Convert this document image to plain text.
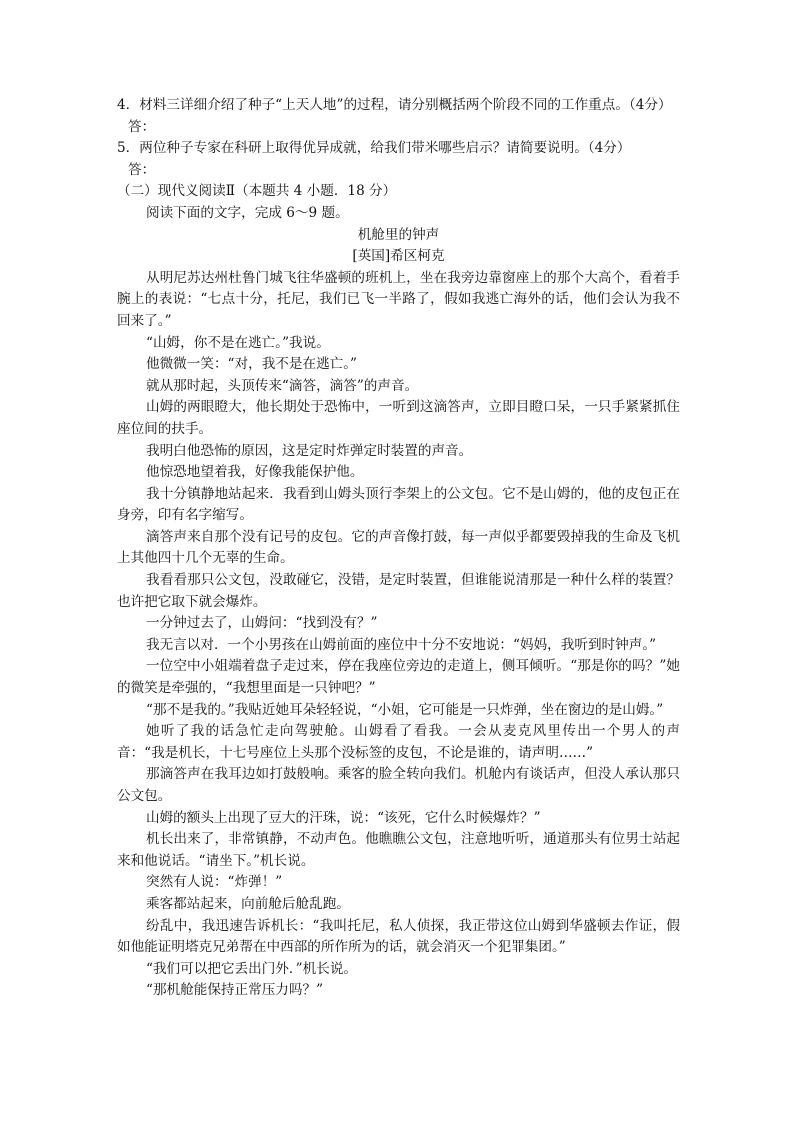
4．材料三详细介绍了种子“上天人地”的过程，请分别概括两个阶段不同的工作重点。（4分）
答：
5．两位种子专家在科研上取得优异成就，给我们带米哪些启示？请简要说明。（4分）
答：
（二）现代义阅读Ⅱ（本题共 4 小题．18 分）
阅读下面的文字，完成 6～9 题。
机舱里的钟声
[英国]希区柯克
从明尼苏达州杜鲁门城飞往华盛顿的班机上，坐在我旁边靠窗座上的那个大高个，看着手腕上的表说：“七点十分，托尼，我们已飞一半路了，假如我逃亡海外的话，他们会认为我不回来了。”
“山姆，你不是在逃亡。”我说。
他微微一笑：“对，我不是在逃亡。”
就从那时起，头顶传来“滴答，滴答”的声音。
山姆的两眼瞪大，他长期处于恐怖中，一听到这滴答声，立即目瞪口呆，一只手紧紧抓住座位间的扶手。
我明白他恐怖的原因，这是定时炸弹定时装置的声音。
他惊恐地望着我，好像我能保护他。
我十分镇静地站起来．我看到山姆头顶行李架上的公文包。它不是山姆的，他的皮包正在身旁，印有名字缩写。
滴答声来自那个没有记号的皮包。它的声音像打鼓，每一声似乎都要毁掉我的生命及飞机上其他四十几个无辜的生命。
我看看那只公文包，没敢碰它，没错，是定时装置，但谁能说清那是一种什么样的装置？也许把它取下就会爆炸。
一分钟过去了，山姆问：“找到没有？”
我无言以对．一个小男孩在山姆前面的座位中十分不安地说：“妈妈，我听到时钟声。”
一位空中小姐端着盘子走过来，停在我座位旁边的走道上，侧耳倾听。“那是你的吗？”她的微笑是牵强的，“我想里面是一只钟吧？”
“那不是我的。”我贴近她耳朵轻轻说，“小姐，它可能是一只炸弹，坐在窗边的是山姆。”
她听了我的话急忙走向驾驶舱。山姆看了看我。一会从麦克风里传出一个男人的声音：“我是机长，十七号座位上头那个没标签的皮包，不论是谁的，请声明……”
那滴答声在我耳边如打鼓般响。乘客的脸全转向我们。机舱内有谈话声，但没人承认那只公文包。
山姆的额头上出现了豆大的汗珠，说：“该死，它什么时候爆炸？”
机长出来了，非常镇静，不动声色。他瞧瞧公文包，注意地听听，通道那头有位男士站起来和他说话。“请坐下。”机长说。
突然有人说：“炸弹！”
乘客都站起来，向前舱后舱乱跑。
纷乱中，我迅速告诉机长：“我叫托尼，私人侦探，我正带这位山姆到华盛顿去作证，假如他能证明塔克兄弟帮在中西部的所作所为的话，就会消灭一个犯罪集团。”
“我们可以把它丢出门外．”机长说。
“那机舱能保持正常压力吗？”
